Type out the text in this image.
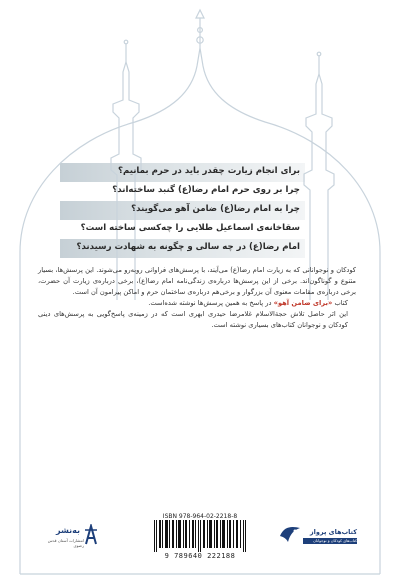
برای انجام زیارت چقدر باید در حرم بمانیم؟
چرا بر روی حرم امام رضا(ع) گنبد ساخته‌اند؟
چرا به امام رضا(ع) ضامن آهو می‌گویند؟
سقاخانه‌ی اسماعیل طلایی را چه‌کسی ساخته است؟
امام رضا(ع) در چه سالی و چگونه به شهادت رسیدند؟

کودکان و نوجوانانی که به زیارت امام رضا(ع) می‌آیند، با پرسش‌های فراوانی روبه‌رو می‌شوند. این پرسش‌ها، بسیار متنوع و گوناگون‌اند. برخی از این پرسش‌ها درباره‌ی زندگی‌نامه امام رضا(ع)، برخی درباره‌ی زیارت آن حضرت، برخی درباره‌ی مقامات معنوی آن بزرگوار و برخی‌هم درباره‌ی ساختمان حرم و اماکن پیرامون آن است.

کتاب «برای ضامن آهو» در پاسخ به همین پرسش‌ها نوشته شده‌است.

این اثر حاصل تلاش حجة‌الاسلام غلامرضا حیدری ابهری است که در زمینه‌ی پاسخ‌گویی به پرسش‌های دینی کودکان و نوجوانان کتاب‌های بسیاری نوشته است.

به‌نشر
انتشارات آستان قدس رضوی
ISBN 978-964-02-2218-8
9 789640 222188
کتاب‌های پرواز
کتاب‌های کودکان و نوجوانان به‌نشر
